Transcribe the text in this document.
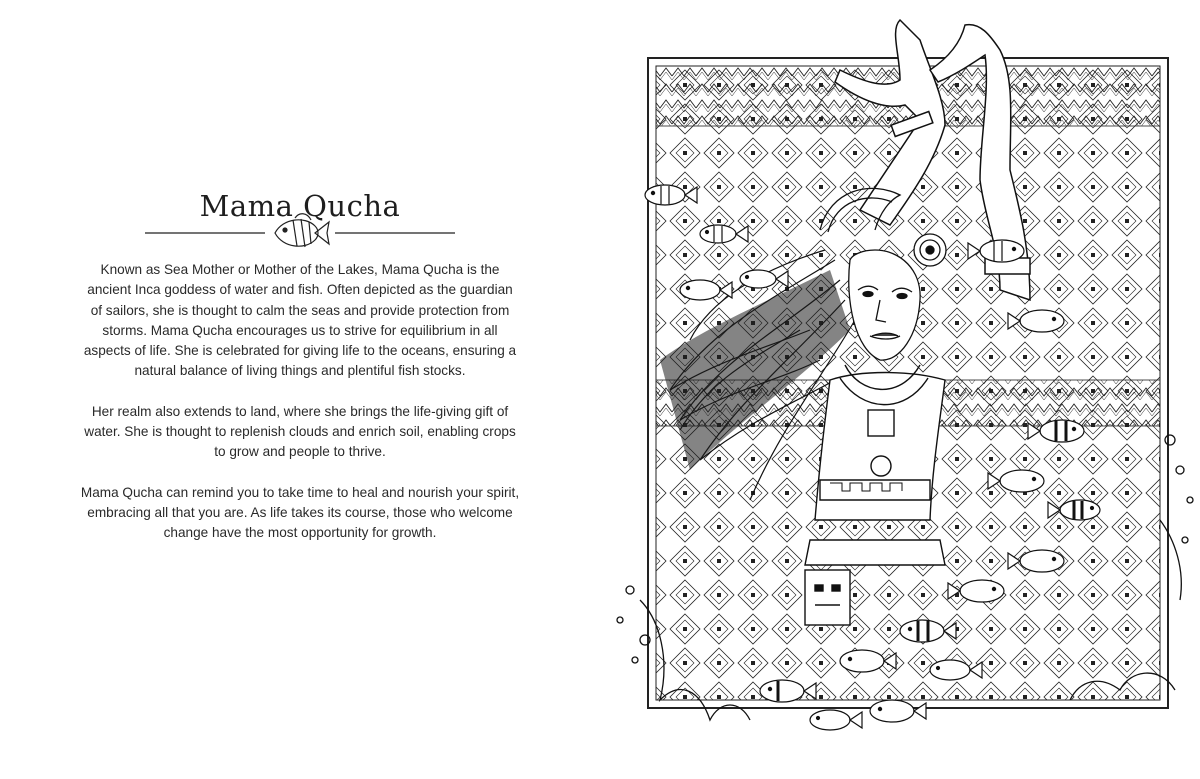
Mama Qucha

Known as Sea Mother or Mother of the Lakes, Mama Qucha is the ancient Inca goddess of water and fish. Often depicted as the guardian of sailors, she is thought to calm the seas and provide protection from storms. Mama Qucha encourages us to strive for equilibrium in all aspects of life. She is celebrated for giving life to the oceans, ensuring a natural balance of living things and plentiful fish stocks.

Her realm also extends to land, where she brings the life-giving gift of water. She is thought to replenish clouds and enrich soil, enabling crops to grow and people to thrive.

Mama Qucha can remind you to take time to heal and nourish your spirit, embracing all that you are. As life takes its course, those who welcome change have the most opportunity for growth.
